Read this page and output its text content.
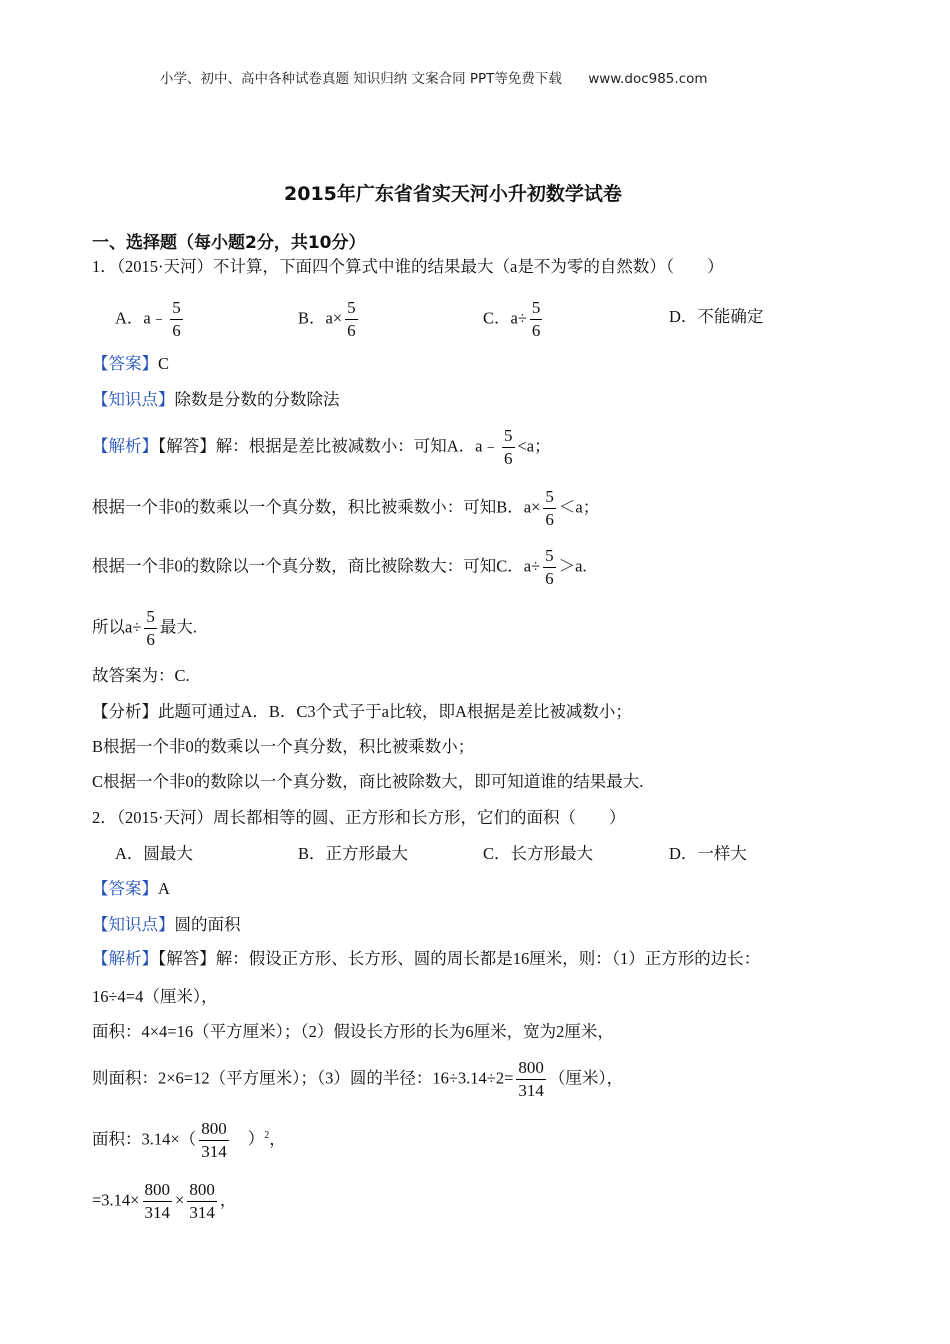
小学、初中、高中各种试卷真题 知识归纳 文案合同 PPT等免费下载 www.doc985.com
2015年广东省省实天河小升初数学试卷
一、选择题（每小题2分，共10分）
1．（2015·天河）不计算，下面四个算式中谁的结果最大（a是不为零的自然数）（　　）
A．a﹣ $\frac{5}{6}$	B．$a\times \frac{5}{6}$	C．$a\div \frac{5}{6}$	D．不能确定
【答案】C
【知识点】除数是分数的分数除法
【解析】【解答】解：根据是差比被减数小：可知A．a﹣ $\frac{5}{6} <a$；
根据一个非0的数乘以一个真分数，积比被乘数小：可知B．$a\times \frac{5}{6} <a$；
根据一个非0的数除以一个真分数，商比被除数大：可知C．$a\div \frac{5}{6} >a$.
所以$a\div \frac{5}{6}$ 最大.
故答案为：C.
【分析】此题可通过A．B．C3个式子于a比较，即A根据是差比被减数小；
B根据一个非0的数乘以一个真分数，积比被乘数小；
C根据一个非0的数除以一个真分数，商比被除数大，即可知道谁的结果最大.
2．（2015·天河）周长都相等的圆、正方形和长方形，它们的面积（　　）
A．圆最大	B．正方形最大	C．长方形最大	D．一样大
【答案】A
【知识点】圆的面积
【解析】【解答】解：假设正方形、长方形、圆的周长都是16厘米，则：（1）正方形的边长：
16÷4=4（厘米），
面积：4×4=16（平方厘米）；（2）假设长方形的长为6厘米，宽为2厘米，
则面积：2×6=12（平方厘米）；（3）圆的半径：$16\div 3.14\div 2= \frac{800}{314}$ （厘米），
面积：$3.14\times( \frac{800}{314} )^2$，
$=3.14\times \frac{800}{314} \times \frac{800}{314}$ ，
